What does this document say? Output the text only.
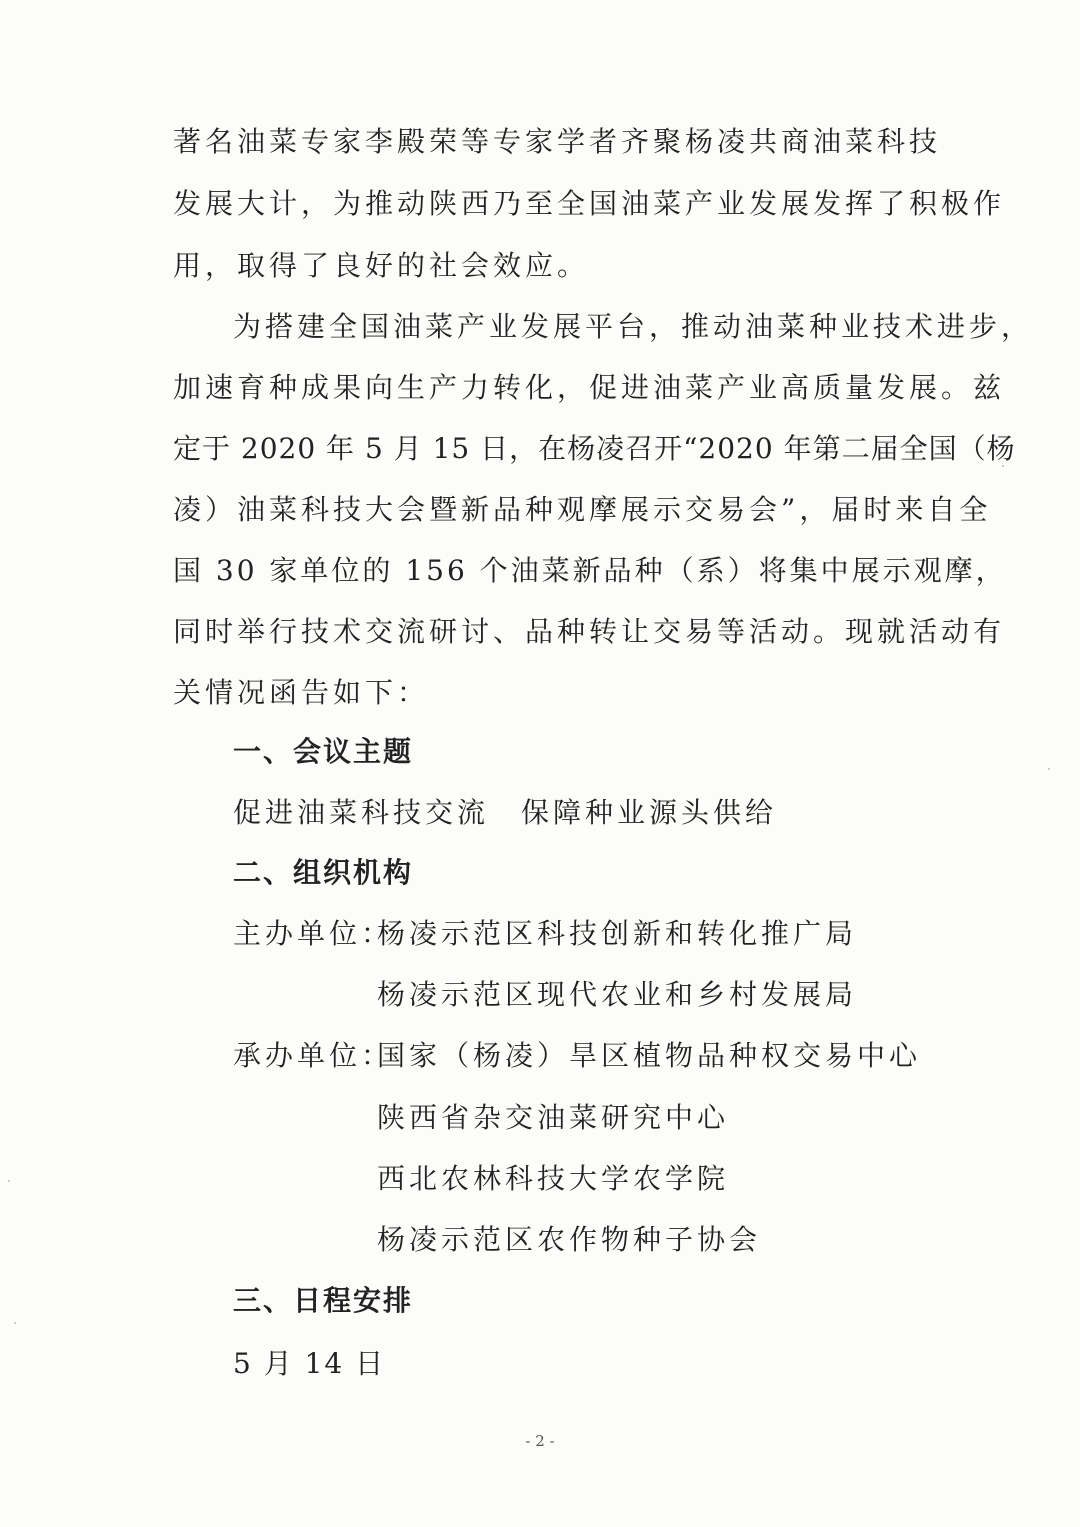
著名油菜专家李殿荣等专家学者齐聚杨凌共商油菜科技
发展大计，为推动陕西乃至全国油菜产业发展发挥了积极作
用，取得了良好的社会效应。
为搭建全国油菜产业发展平台，推动油菜种业技术进步，
加速育种成果向生产力转化，促进油菜产业高质量发展。兹
定于 2020 年 5 月 15 日，在杨凌召开“2020 年第二届全国（杨
凌）油菜科技大会暨新品种观摩展示交易会”，届时来自全
国 30 家单位的 156 个油菜新品种（系）将集中展示观摩，
同时举行技术交流研讨、品种转让交易等活动。现就活动有
关情况函告如下：
一、会议主题
促进油菜科技交流　保障种业源头供给
二、组织机构
主办单位：
杨凌示范区科技创新和转化推广局
杨凌示范区现代农业和乡村发展局
承办单位：
国家（杨凌）旱区植物品种权交易中心
陕西省杂交油菜研究中心
西北农林科技大学农学院
杨凌示范区农作物种子协会
三、日程安排
5 月 14 日
- 2 -
